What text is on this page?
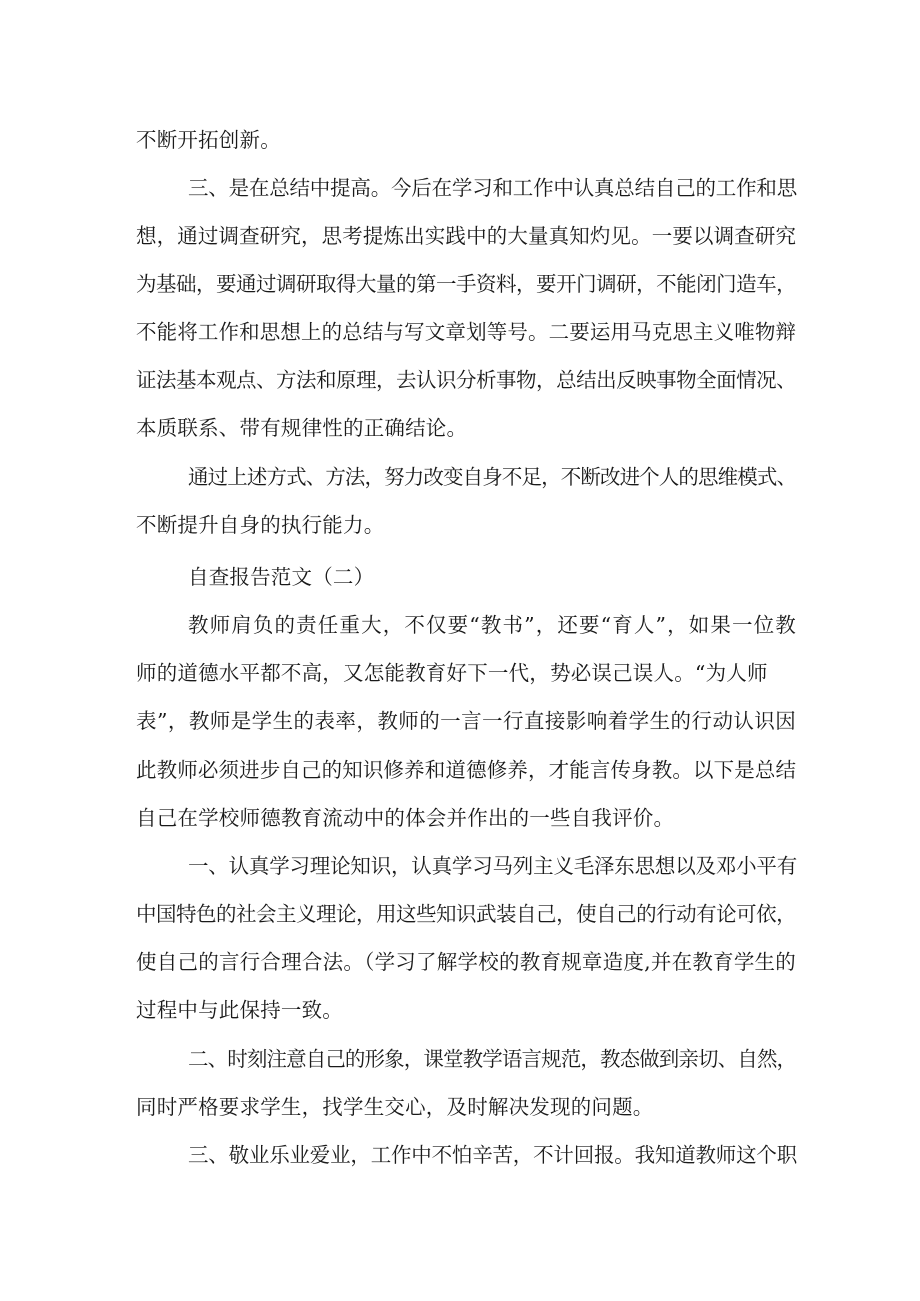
不断开拓创新。
三、是在总结中提高。今后在学习和工作中认真总结自己的工作和思
想，通过调查研究，思考提炼出实践中的大量真知灼见。一要以调查研究
为基础，要通过调研取得大量的第一手资料，要开门调研，不能闭门造车，
不能将工作和思想上的总结与写文章划等号。二要运用马克思主义唯物辩
证法基本观点、方法和原理，去认识分析事物，总结出反映事物全面情况、
本质联系、带有规律性的正确结论。
通过上述方式、方法，努力改变自身不足，不断改进个人的思维模式、
不断提升自身的执行能力。
自查报告范文（二）
教师肩负的责任重大，不仅要“教书”，还要“育人”，如果一位教
师的道德水平都不高，又怎能教育好下一代，势必误己误人。“为人师
表”，教师是学生的表率，教师的一言一行直接影响着学生的行动认识因
此教师必须进步自己的知识修养和道德修养，才能言传身教。以下是总结
自己在学校师德教育流动中的体会并作出的一些自我评价。
一、认真学习理论知识，认真学习马列主义毛泽东思想以及邓小平有
中国特色的社会主义理论，用这些知识武装自己，使自己的行动有论可依，
使自己的言行合理合法。（学习了解学校的教育规章造度,并在教育学生的
过程中与此保持一致。
二、时刻注意自己的形象，课堂教学语言规范，教态做到亲切、自然，
同时严格要求学生，找学生交心，及时解决发现的问题。
三、敬业乐业爱业，工作中不怕辛苦，不计回报。我知道教师这个职
